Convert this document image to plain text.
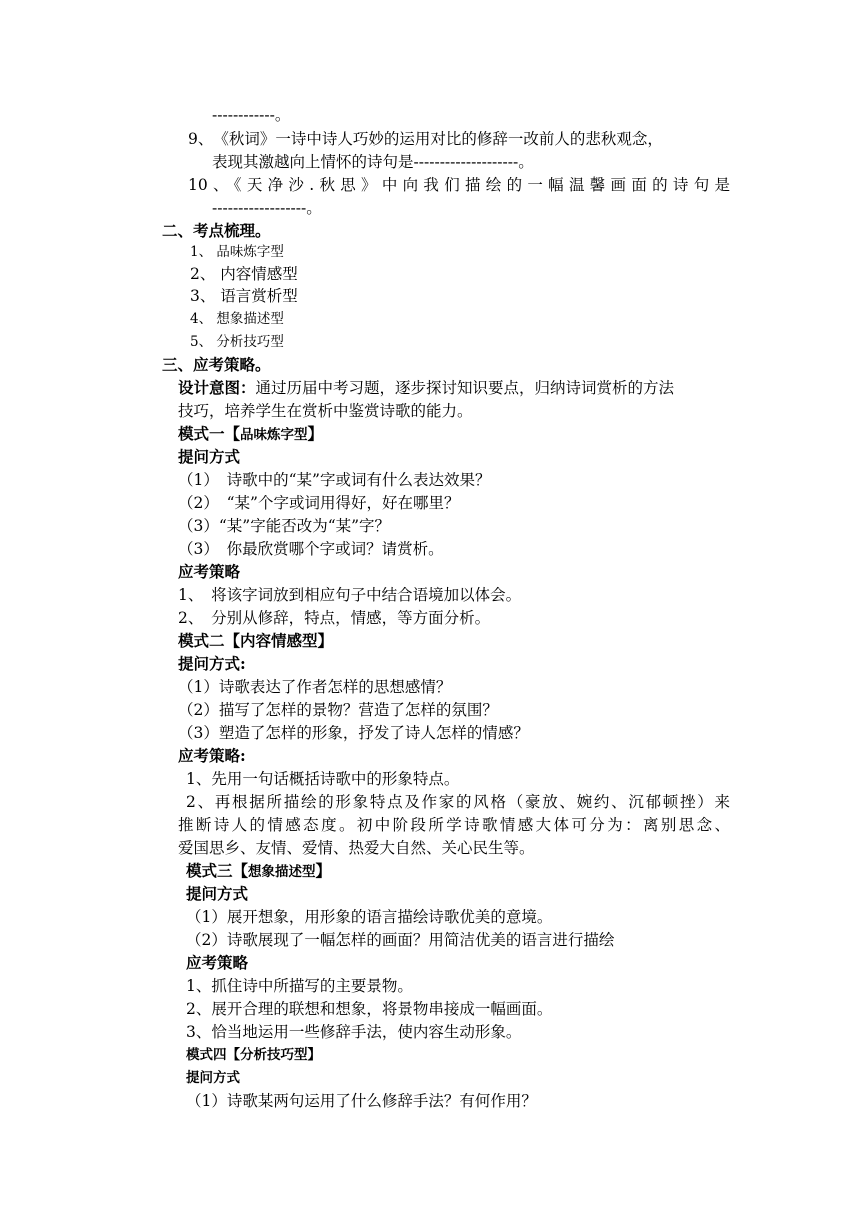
------------。
9、　《秋词》一诗中诗人巧妙的运用对比的修辞一改前人的悲秋观念，
表现其激越向上情怀的诗句是--------------------。
10、《天净沙.秋思》中向我们描绘的一幅温馨画面的诗句是
------------------。
二、考点梳理。
1、 品味炼字型
2、 内容情感型
3、 语言赏析型
4、 想象描述型
5、 分析技巧型
三、应考策略。
设计意图：通过历届中考习题，逐步探讨知识要点，归纳诗词赏析的方法
技巧，培养学生在赏析中鉴赏诗歌的能力。
模式一【品味炼字型】
提问方式
（1）　诗歌中的“某”字或词有什么表达效果？
（2）　“某”个字或词用得好，好在哪里？
（3）“某”字能否改为“某”字？
（3）　你最欣赏哪个字或词？请赏析。
应考策略
1、　将该字词放到相应句子中结合语境加以体会。
2、　分别从修辞，特点，情感，等方面分析。
模式二【内容情感型】
提问方式:
（1）诗歌表达了作者怎样的思想感情？
（2）描写了怎样的景物？营造了怎样的氛围？
（3）塑造了怎样的形象，抒发了诗人怎样的情感？
应考策略:
1、先用一句话概括诗歌中的形象特点。
2、再根据所描绘的形象特点及作家的风格（豪放、婉约、沉郁顿挫）来
推断诗人的情感态度。初中阶段所学诗歌情感大体可分为：离别思念、
爱国思乡、友情、爱情、热爱大自然、关心民生等。
模式三【想象描述型】
提问方式
（1）展开想象，用形象的语言描绘诗歌优美的意境。
（2）诗歌展现了一幅怎样的画面？用简洁优美的语言进行描绘
应考策略
1、抓住诗中所描写的主要景物。
2、展开合理的联想和想象，将景物串接成一幅画面。
3、恰当地运用一些修辞手法，使内容生动形象。
模式四【分析技巧型】
提问方式
（1）诗歌某两句运用了什么修辞手法？有何作用？
